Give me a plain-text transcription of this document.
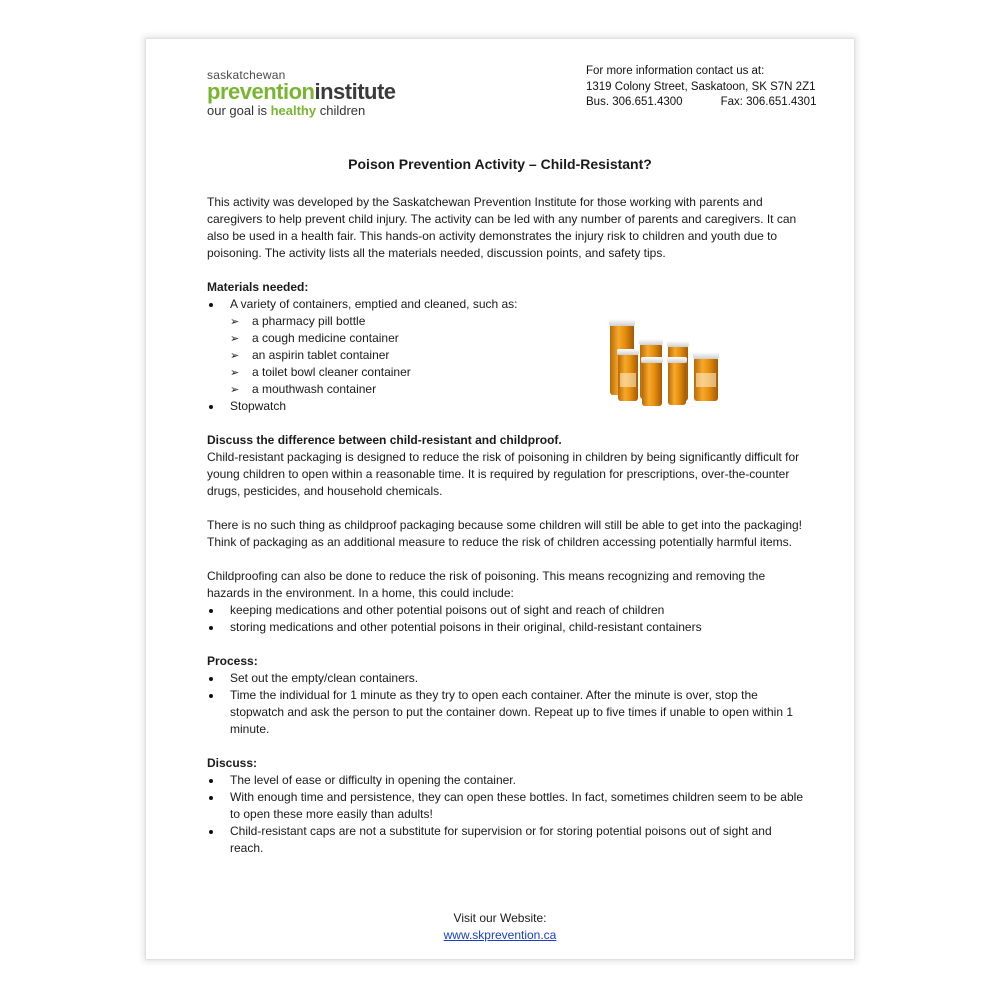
saskatchewan
preventioninstitute
our goal is healthy children
For more information contact us at:
1319 Colony Street, Saskatoon, SK S7N 2Z1
Bus. 306.651.4300	Fax: 306.651.4301
Poison Prevention Activity – Child-Resistant?

This activity was developed by the Saskatchewan Prevention Institute for those working with parents and caregivers to help prevent child injury. The activity can be led with any number of parents and caregivers. It can also be used in a health fair. This hands-on activity demonstrates the injury risk to children and youth due to poisoning. The activity lists all the materials needed, discussion points, and safety tips.

Materials needed:

A variety of containers, emptied and cleaned, such as:
➢ a pharmacy pill bottle
➢ a cough medicine container
➢ an aspirin tablet container
➢ a toilet bowl cleaner container
➢ a mouthwash container
Stopwatch

Discuss the difference between child-resistant and childproof.

Child-resistant packaging is designed to reduce the risk of poisoning in children by being significantly difficult for young children to open within a reasonable time. It is required by regulation for prescriptions, over-the-counter drugs, pesticides, and household chemicals.

There is no such thing as childproof packaging because some children will still be able to get into the packaging! Think of packaging as an additional measure to reduce the risk of children accessing potentially harmful items.

Childproofing can also be done to reduce the risk of poisoning. This means recognizing and removing the hazards in the environment. In a home, this could include:

keeping medications and other potential poisons out of sight and reach of children
storing medications and other potential poisons in their original, child-resistant containers

Process:

Set out the empty/clean containers.
Time the individual for 1 minute as they try to open each container. After the minute is over, stop the stopwatch and ask the person to put the container down. Repeat up to five times if unable to open within 1 minute.

Discuss:

The level of ease or difficulty in opening the container.
With enough time and persistence, they can open these bottles. In fact, sometimes children seem to be able to open these more easily than adults!
Child-resistant caps are not a substitute for supervision or for storing potential poisons out of sight and reach.
Visit our Website:
www.skprevention.ca
